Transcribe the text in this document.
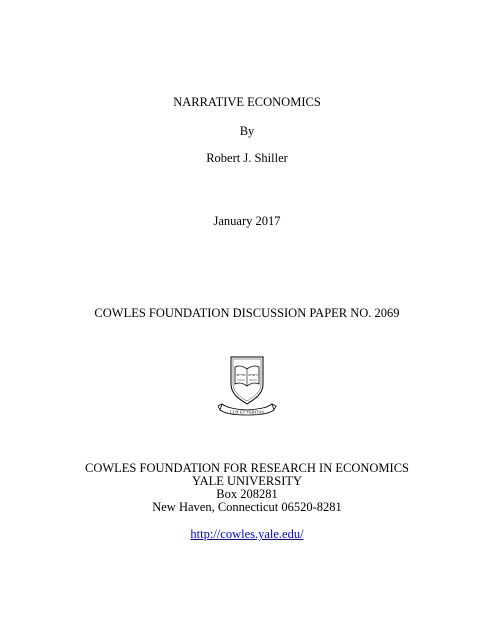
NARRATIVE ECONOMICS
By
Robert J. Shiller
January 2017
COWLES FOUNDATION DISCUSSION PAPER NO. 2069
אורים ותמים
LUX ET VERITAS
COWLES FOUNDATION FOR RESEARCH IN ECONOMICS
YALE UNIVERSITY
Box 208281
New Haven, Connecticut 06520-8281
http://cowles.yale.edu/
